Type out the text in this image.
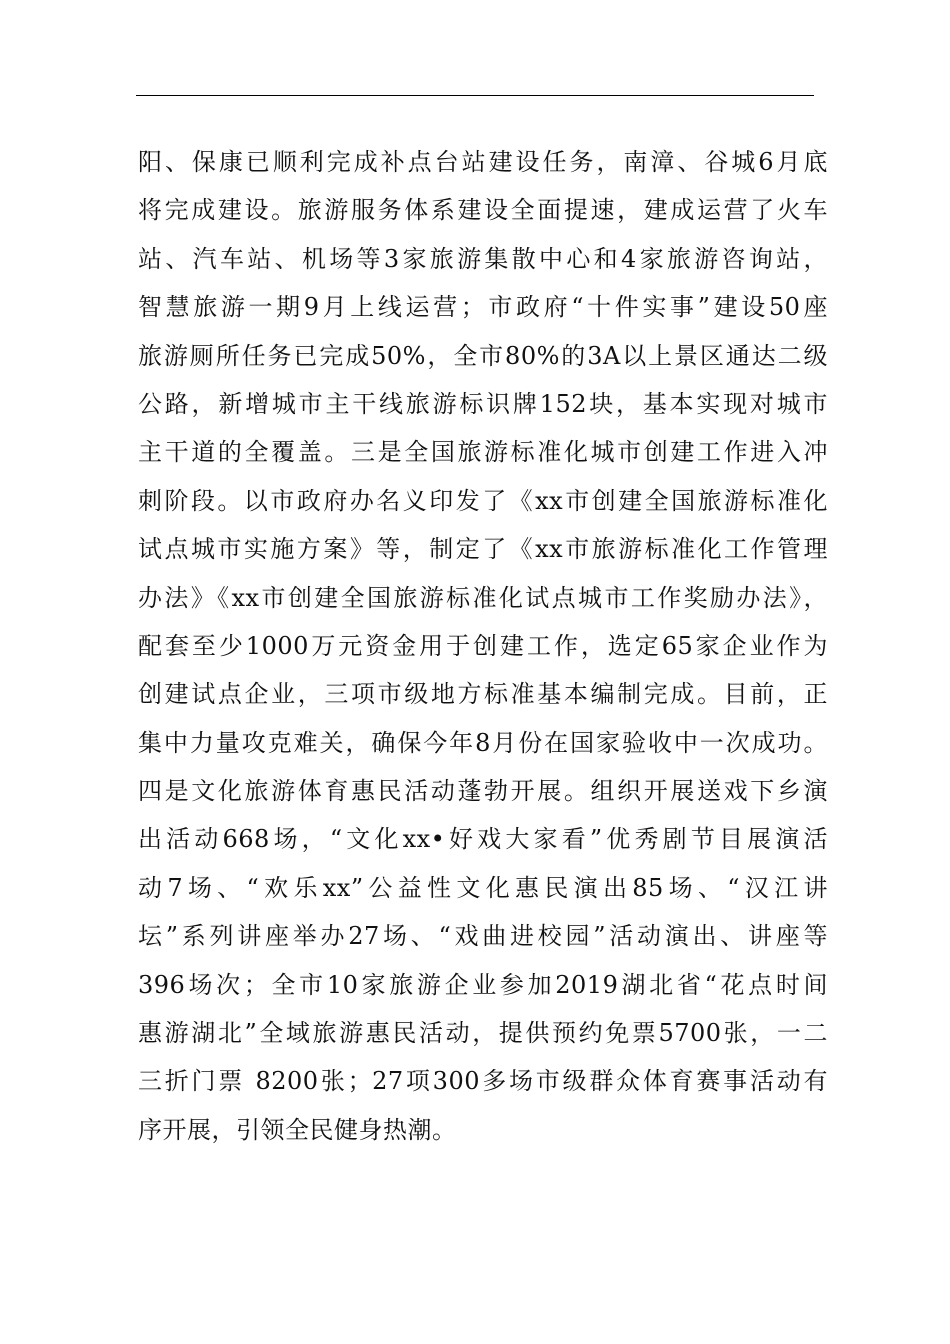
阳、保康已顺利完成补点台站建设任务，南漳、谷城6月底
将完成建设。旅游服务体系建设全面提速，建成运营了火车
站、汽车站、机场等3家旅游集散中心和4家旅游咨询站，
智慧旅游一期9月上线运营；市政府“十件实事”建设50座
旅游厕所任务已完成50%，全市80%的3A以上景区通达二级
公路，新增城市主干线旅游标识牌152块，基本实现对城市
主干道的全覆盖。三是全国旅游标准化城市创建工作进入冲
刺阶段。以市政府办名义印发了《xx市创建全国旅游标准化
试点城市实施方案》等，制定了《xx市旅游标准化工作管理
办法》《xx市创建全国旅游标准化试点城市工作奖励办法》，
配套至少1000万元资金用于创建工作，选定65家企业作为
创建试点企业，三项市级地方标准基本编制完成。目前，正
集中力量攻克难关，确保今年8月份在国家验收中一次成功。
四是文化旅游体育惠民活动蓬勃开展。组织开展送戏下乡演
出活动668场，“文化xx•好戏大家看”优秀剧节目展演活
动7场、“欢乐xx”公益性文化惠民演出85场、“汉江讲
坛”系列讲座举办27场、“戏曲进校园”活动演出、讲座等
396场次；全市10家旅游企业参加2019湖北省“花点时间
惠游湖北”全域旅游惠民活动，提供预约免票5700张，一二
三折门票 8200张；27项300多场市级群众体育赛事活动有
序开展，引领全民健身热潮。
